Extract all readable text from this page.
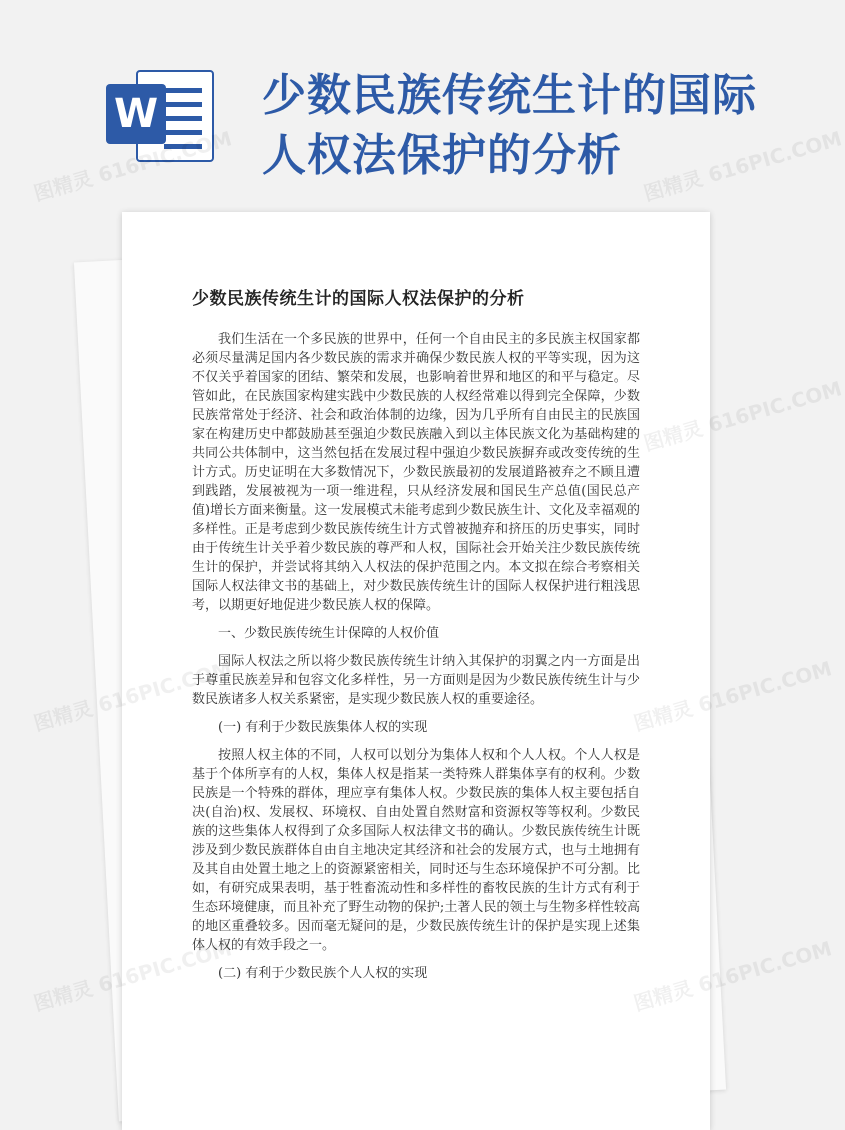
W 少数民族传统生计的国际人权法保护的分析
少数民族传统生计的国际人权法保护的分析

我们生活在一个多民族的世界中，任何一个自由民主的多民族主权国家都必须尽量满足国内各少数民族的需求并确保少数民族人权的平等实现，因为这不仅关乎着国家的团结、繁荣和发展，也影响着世界和地区的和平与稳定。尽管如此，在民族国家构建实践中少数民族的人权经常难以得到完全保障，少数民族常常处于经济、社会和政治体制的边缘，因为几乎所有自由民主的民族国家在构建历史中都鼓励甚至强迫少数民族融入到以主体民族文化为基础构建的共同公共体制中，这当然包括在发展过程中强迫少数民族摒弃或改变传统的生计方式。历史证明在大多数情况下，少数民族最初的发展道路被弃之不顾且遭到践踏，发展被视为一项一维进程，只从经济发展和国民生产总值(国民总产值)增长方面来衡量。这一发展模式未能考虑到少数民族生计、文化及幸福观的多样性。正是考虑到少数民族传统生计方式曾被抛弃和挤压的历史事实，同时由于传统生计关乎着少数民族的尊严和人权，国际社会开始关注少数民族传统生计的保护，并尝试将其纳入人权法的保护范围之内。本文拟在综合考察相关国际人权法律文书的基础上，对少数民族传统生计的国际人权保护进行粗浅思考，以期更好地促进少数民族人权的保障。

一、少数民族传统生计保障的人权价值

国际人权法之所以将少数民族传统生计纳入其保护的羽翼之内一方面是出于尊重民族差异和包容文化多样性，另一方面则是因为少数民族传统生计与少数民族诸多人权关系紧密，是实现少数民族人权的重要途径。

(一) 有利于少数民族集体人权的实现

按照人权主体的不同，人权可以划分为集体人权和个人人权。个人人权是基于个体所享有的人权，集体人权是指某一类特殊人群集体享有的权利。少数民族是一个特殊的群体，理应享有集体人权。少数民族的集体人权主要包括自决(自治)权、发展权、环境权、自由处置自然财富和资源权等等权利。少数民族的这些集体人权得到了众多国际人权法律文书的确认。少数民族传统生计既涉及到少数民族群体自由自主地决定其经济和社会的发展方式，也与土地拥有及其自由处置土地之上的资源紧密相关，同时还与生态环境保护不可分割。比如，有研究成果表明，基于牲畜流动性和多样性的畜牧民族的生计方式有利于生态环境健康，而且补充了野生动物的保护;土著人民的领土与生物多样性较高的地区重叠较多。因而毫无疑问的是，少数民族传统生计的保护是实现上述集体人权的有效手段之一。

(二) 有利于少数民族个人人权的实现

图精灵 616PIC.COM	图精灵 616PIC.COM
图精灵 616PIC.COM
图精灵	图精灵 616PIC.COM
图精灵	图精灵 616PIC.COM
